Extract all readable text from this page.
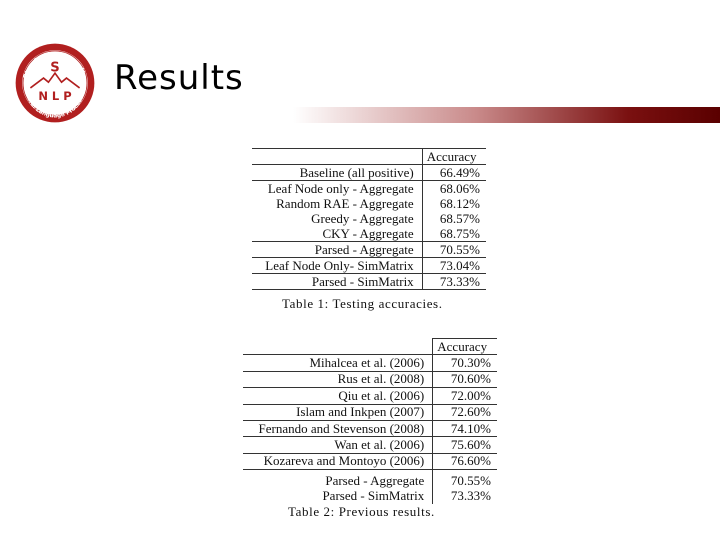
Stanford University
Natural Language Processing
S
N L P Results
	Accuracy
Baseline (all positive)	66.49%
Leaf Node only - Aggregate	68.06%
Random RAE - Aggregate	68.12%
Greedy - Aggregate	68.57%
CKY - Aggregate	68.75%
Parsed - Aggregate	70.55%
Leaf Node Only- SimMatrix	73.04%
Parsed - SimMatrix	73.33%

Table 1: Testing accuracies.

	Accuracy
Mihalcea et al. (2006)	70.30%
Rus et al. (2008)	70.60%
Qiu et al. (2006)	72.00%
Islam and Inkpen (2007)	72.60%
Fernando and Stevenson (2008)	74.10%
Wan et al. (2006)	75.60%
Kozareva and Montoyo (2006)	76.60%
Parsed - Aggregate	70.55%
Parsed - SimMatrix	73.33%

Table 2: Previous results.
